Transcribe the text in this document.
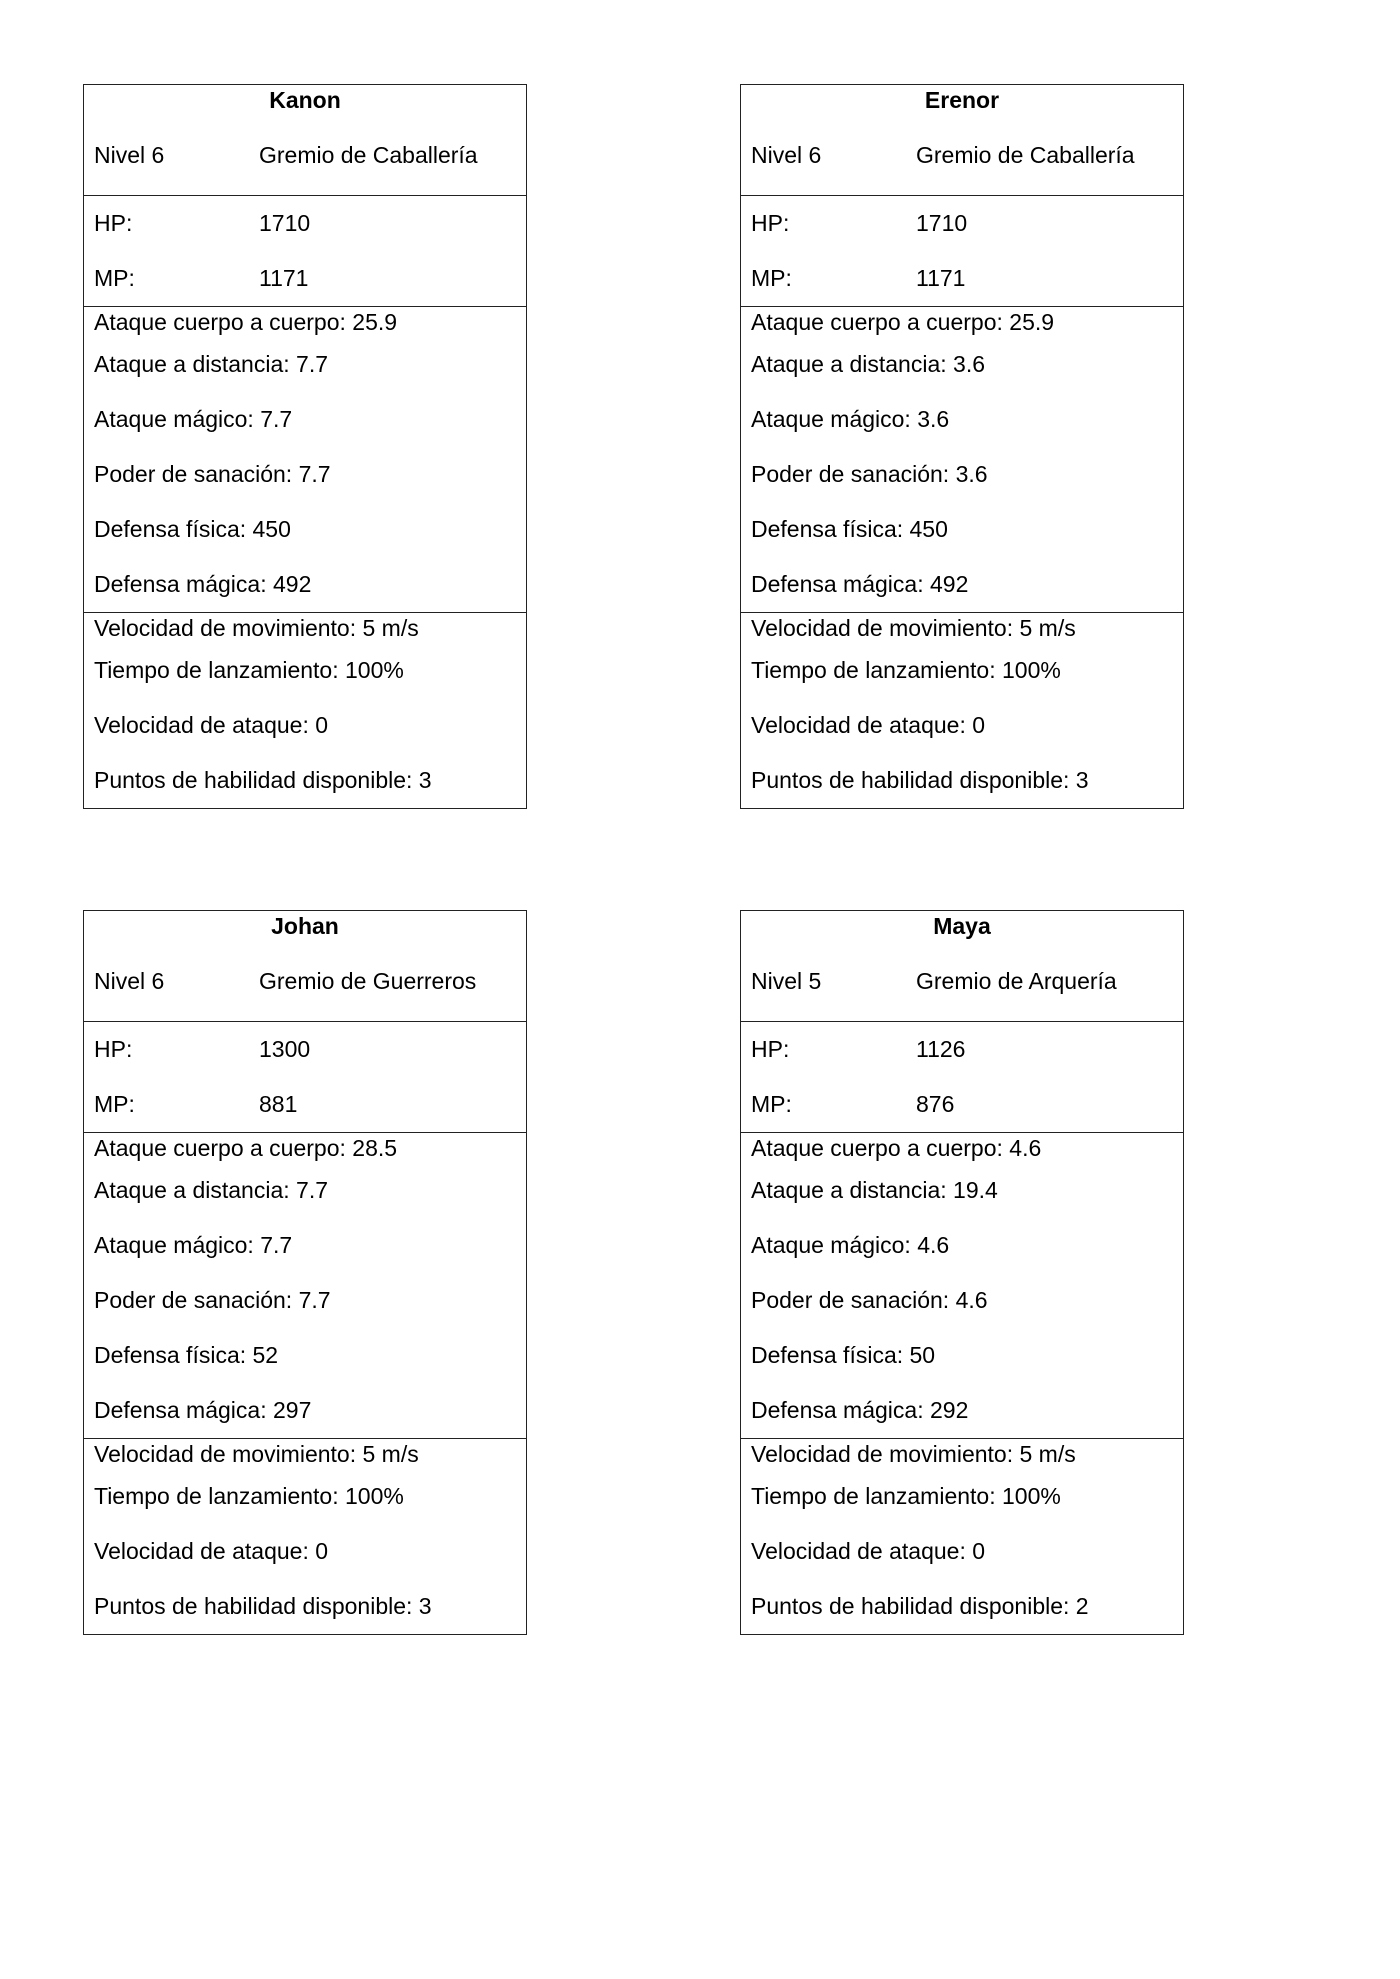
Kanon
Nivel 6	Gremio de Caballería
HP:	1710
MP:	1171
Ataque cuerpo a cuerpo: 25.9
Ataque a distancia: 7.7
Ataque mágico: 7.7
Poder de sanación: 7.7
Defensa física: 450
Defensa mágica: 492
Velocidad de movimiento: 5 m/s
Tiempo de lanzamiento: 100%
Velocidad de ataque: 0
Puntos de habilidad disponible: 3
Erenor
Nivel 6	Gremio de Caballería
HP:	1710
MP:	1171
Ataque cuerpo a cuerpo: 25.9
Ataque a distancia: 3.6
Ataque mágico: 3.6
Poder de sanación: 3.6
Defensa física: 450
Defensa mágica: 492
Velocidad de movimiento: 5 m/s
Tiempo de lanzamiento: 100%
Velocidad de ataque: 0
Puntos de habilidad disponible: 3
Johan
Nivel 6	Gremio de Guerreros
HP:	1300
MP:	881
Ataque cuerpo a cuerpo: 28.5
Ataque a distancia: 7.7
Ataque mágico: 7.7
Poder de sanación: 7.7
Defensa física: 52
Defensa mágica: 297
Velocidad de movimiento: 5 m/s
Tiempo de lanzamiento: 100%
Velocidad de ataque: 0
Puntos de habilidad disponible: 3
Maya
Nivel 5	Gremio de Arquería
HP:	1126
MP:	876
Ataque cuerpo a cuerpo: 4.6
Ataque a distancia: 19.4
Ataque mágico: 4.6
Poder de sanación: 4.6
Defensa física: 50
Defensa mágica: 292
Velocidad de movimiento: 5 m/s
Tiempo de lanzamiento: 100%
Velocidad de ataque: 0
Puntos de habilidad disponible: 2
